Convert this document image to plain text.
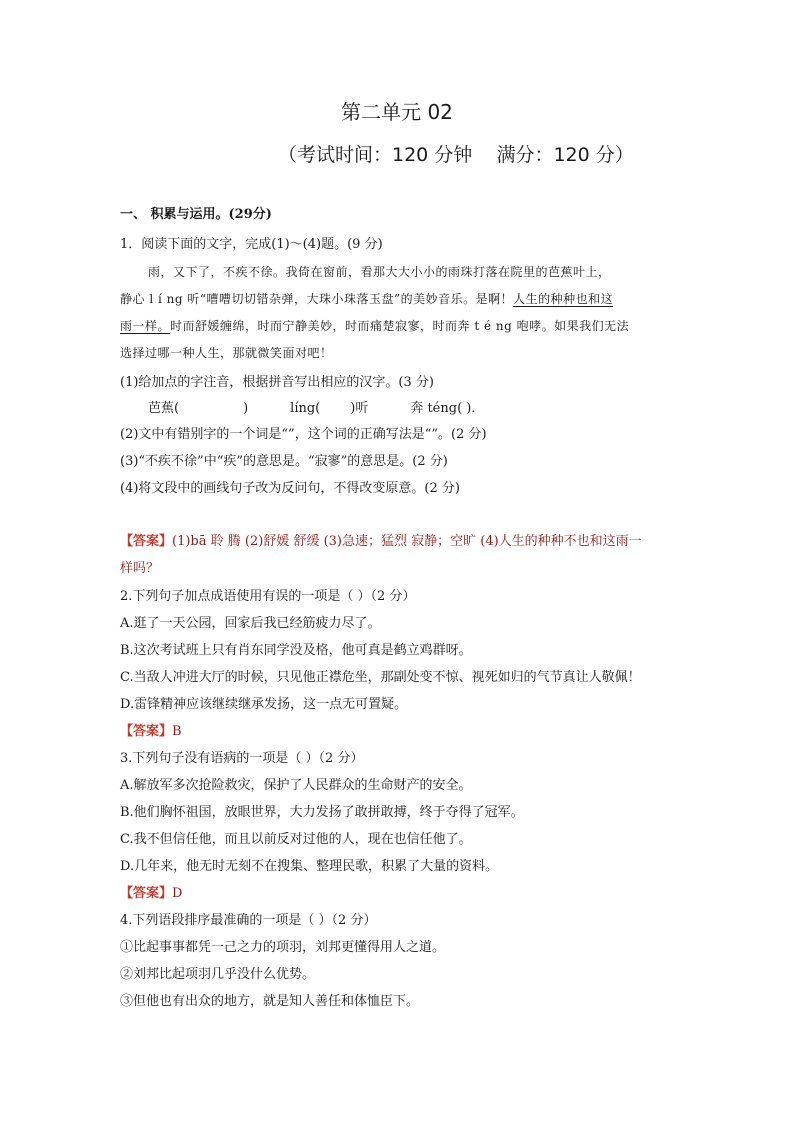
第二单元 02
（考试时间：120 分钟    满分：120 分）
一、 积累与运用。(29分)
1．阅读下面的文字，完成(1)～(4)题。(9 分)
雨，又下了，不疾不徐。我倚在窗前，看那大大小小的雨珠打落在院里的芭蕉叶上，
静心 l í ng 听“嘈嘈切切错杂弹，大珠小珠落玉盘”的美妙音乐。是啊！人生的种种也和这
雨一样。时而舒媛缠绵，时而宁静美妙，时而痛楚寂寥，时而奔 t é ng 咆哮。如果我们无法
选择过哪一种人生，那就微笑面对吧！
(1)给加点的字注音，根据拼音写出相应的汉字。(3 分)
芭蕉(	)	líng( )听	奔 téng( )．
(2)文中有错别字的一个词是“”，这个词的正确写法是“”。(2 分)
(3)“不疾不徐”中“疾”的意思是。“寂寥”的意思是。(2 分)
(4)将文段中的画线句子改为反问句，不得改变原意。(2 分)
【答案】(1)bā 聆 腾 (2)舒媛 舒缓 (3)急速；猛烈 寂静；空旷 (4)人生的种种不也和这雨一
样吗？
2.下列句子加点成语使用有误的一项是（ ）（2 分）
A.逛了一天公园，回家后我已经筋疲力尽了。
B.这次考试班上只有肖东同学没及格，他可真是鹤立鸡群呀。
C.当敌人冲进大厅的时候，只见他正襟危坐，那副处变不惊、视死如归的气节真让人敬佩！
D.雷锋精神应该继续继承发扬，这一点无可置疑。
【答案】B
3.下列句子没有语病的一项是（ ）（2 分）
A.解放军多次抢险救灾，保护了人民群众的生命财产的安全。
B.他们胸怀祖国，放眼世界，大力发扬了敢拼敢搏，终于夺得了冠军。
C.我不但信任他，而且以前反对过他的人，现在也信任他了。
D.几年来，他无时无刻不在搜集、整理民歌，积累了大量的资料。
【答案】D
4.下列语段排序最准确的一项是（ ）（2 分）
①比起事事都凭一己之力的项羽，刘邦更懂得用人之道。
②刘邦比起项羽几乎没什么优势。
③但他也有出众的地方，就是知人善任和体恤臣下。
